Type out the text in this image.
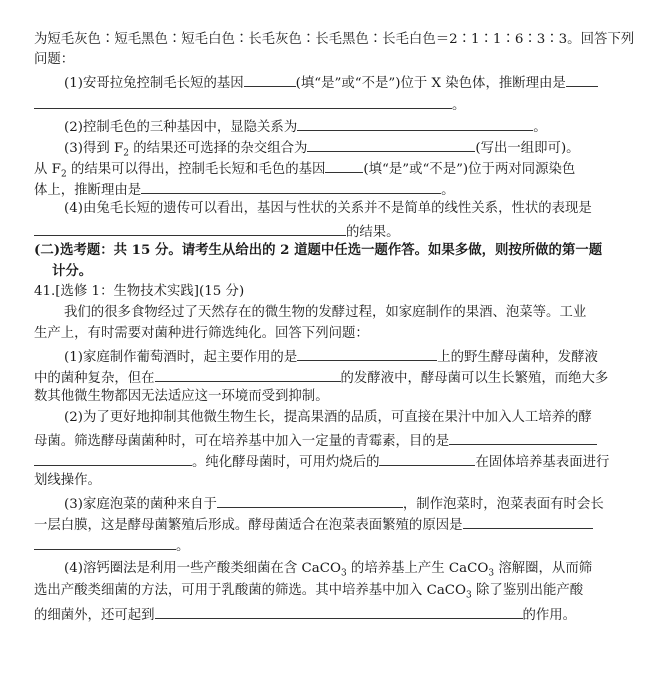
为短毛灰色∶短毛黑色∶短毛白色∶长毛灰色∶长毛黑色∶长毛白色＝2∶1∶1∶6∶3∶3。回答下列
问题：
(1)安哥拉兔控制毛长短的基因	(填“是”或“不是”)位于 X 染色体，推断理由是
。
(2)控制毛色的三种基因中，显隐关系为	。
(3)得到 $F_2$ 的结果还可选择的杂交组合为	(写出一组即可)。
从 $F_2$ 的结果可以得出，控制毛长短和毛色的基因	(填“是”或“不是”)位于两对同源染色
体上，推断理由是	。
(4)由兔毛长短的遗传可以看出，基因与性状的关系并不是简单的线性关系，性状的表现是
的结果。
(二)选考题：共 15 分。请考生从给出的 2 道题中任选一题作答。如果多做，则按所做的第一题
计分。
41.[选修 1：生物技术实践](15 分)
我们的很多食物经过了天然存在的微生物的发酵过程，如家庭制作的果酒、泡菜等。工业
生产上，有时需要对菌种进行筛选纯化。回答下列问题：
(1)家庭制作葡萄酒时，起主要作用的是	上的野生酵母菌种，发酵液
中的菌种复杂，但在	的发酵液中，酵母菌可以生长繁殖，而绝大多
数其他微生物都因无法适应这一环境而受到抑制。
(2)为了更好地抑制其他微生物生长，提高果酒的品质，可直接在果汁中加入人工培养的酵
母菌。筛选酵母菌菌种时，可在培养基中加入一定量的青霉素，目的是
。纯化酵母菌时，可用灼烧后的	在固体培养基表面进行
划线操作。
(3)家庭泡菜的菌种来自于	，制作泡菜时，泡菜表面有时会长
一层白膜，这是酵母菌繁殖后形成。酵母菌适合在泡菜表面繁殖的原因是
。
(4)溶钙圈法是利用一些产酸类细菌在含 CaCO$_3$ 的培养基上产生 CaCO$_3$ 溶解圈，从而筛
选出产酸类细菌的方法，可用于乳酸菌的筛选。其中培养基中加入 CaCO$_3$ 除了鉴别出能产酸
的细菌外，还可起到	的作用。
